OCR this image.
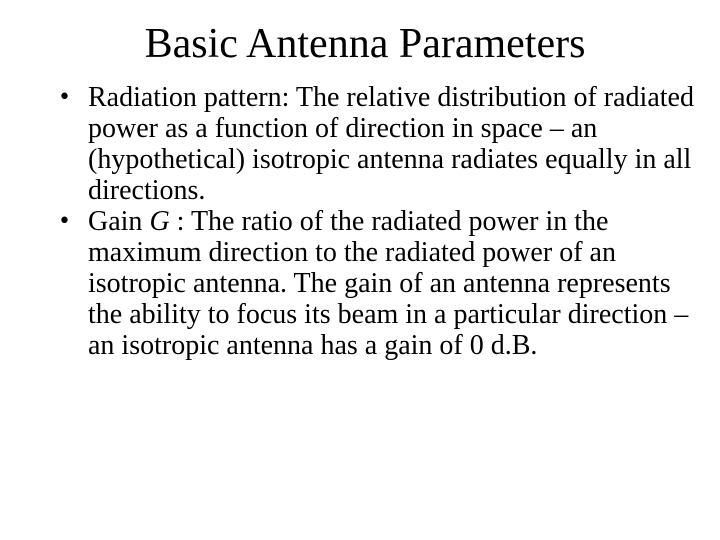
Basic Antenna Parameters
• Radiation pattern: The relative distribution of radiated power as a function of direction in space – an (hypothetical) isotropic antenna radiates equally in all directions.
• Gain G : The ratio of the radiated power in the maximum direction to the radiated power of an isotropic antenna. The gain of an antenna represents the ability to focus its beam in a particular direction – an isotropic antenna has a gain of 0 d.B.
